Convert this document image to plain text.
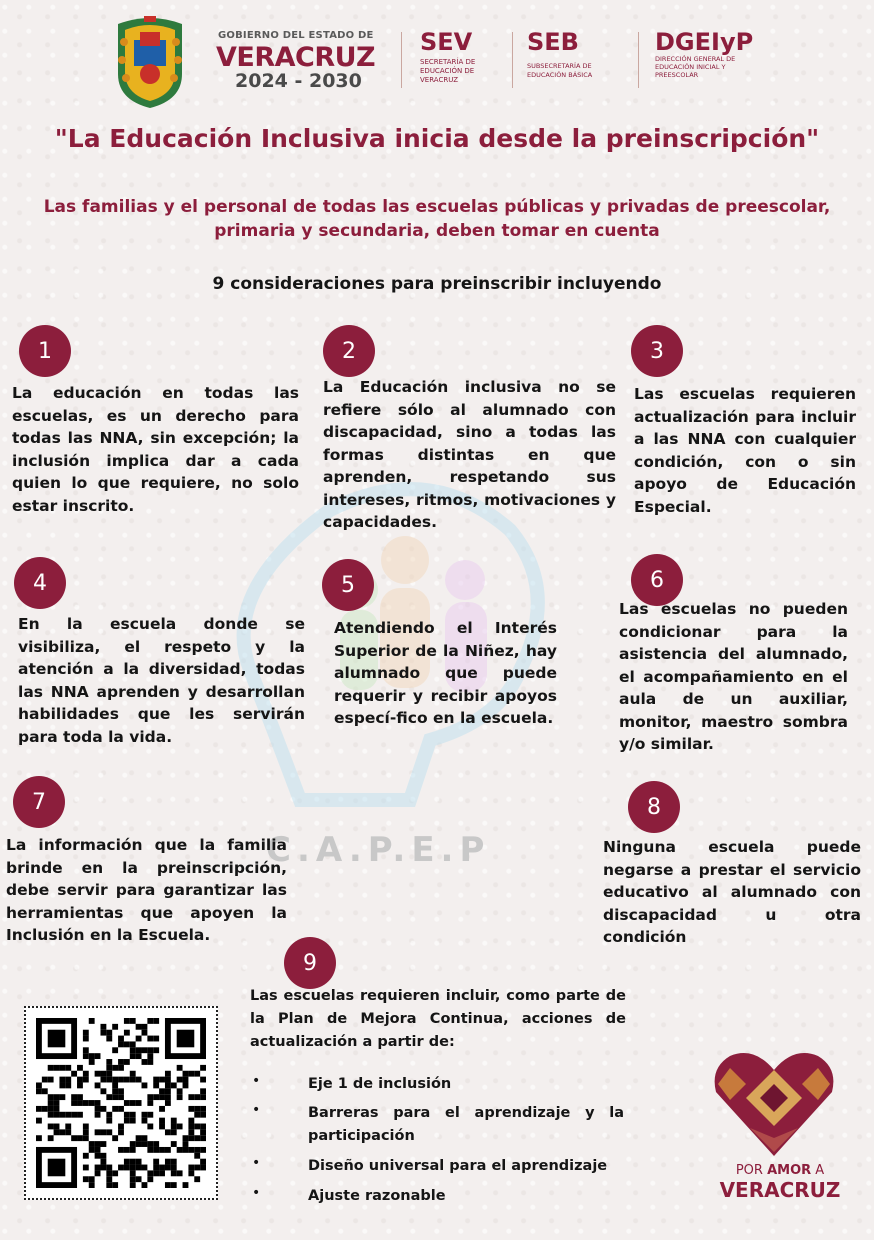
GOBIERNO DEL ESTADO DE
VERACRUZ
2024 - 2030
SEV
SECRETARÍA DE EDUCACIÓN DE VERACRUZ
SEB
SUBSECRETARÍA DE EDUCACIÓN BÁSICA
DGEIyP
DIRECCIÓN GENERAL DE EDUCACIÓN INICIAL Y PREESCOLAR
"La Educación Inclusiva inicia desde la preinscripción"
Las familias y el personal de todas las escuelas públicas y privadas de preescolar, primaria y secundaria, deben tomar en cuenta
9 consideraciones para preinscribir incluyendo
C.A.P.E.P
1
La educación en todas las escuelas, es un derecho para todas las NNA, sin excepción; la inclusión implica dar a cada quien lo que requiere, no solo estar inscrito.
2
La Educación inclusiva no se refiere sólo al alumnado con discapacidad, sino a todas las formas distintas en que aprenden, respetando sus intereses, ritmos, motivaciones y capacidades.
3
Las escuelas requieren actualización para incluir a las NNA con cualquier condición, con o sin apoyo de Educación Especial.
4
En la escuela donde se visibiliza, el respeto y la atención a la diversidad, todas las NNA aprenden y desarrollan habilidades que les servirán para toda la vida.
5
Atendiendo el Interés Superior de la Niñez, hay alumnado que puede requerir y recibir apoyos especí-fico en la escuela.
6
Las escuelas no pueden condicionar para la asistencia del alumnado, el acompañamiento en el aula de un auxiliar, monitor, maestro sombra y/o similar.
7
La información que la familia brinde en la preinscripción, debe servir para garantizar las herramientas que apoyen la Inclusión en la Escuela.
8
Ninguna escuela puede negarse a prestar el servicio educativo al alumnado con discapacidad u otra condición
9
Las escuelas requieren incluir, como parte de la Plan de Mejora Continua, acciones de actualización a partir de:
•	Eje 1 de inclusión
•	Barreras para el aprendizaje y la participación
•	Diseño universal para el aprendizaje
•	Ajuste razonable
POR AMOR A
VERACRUZ
